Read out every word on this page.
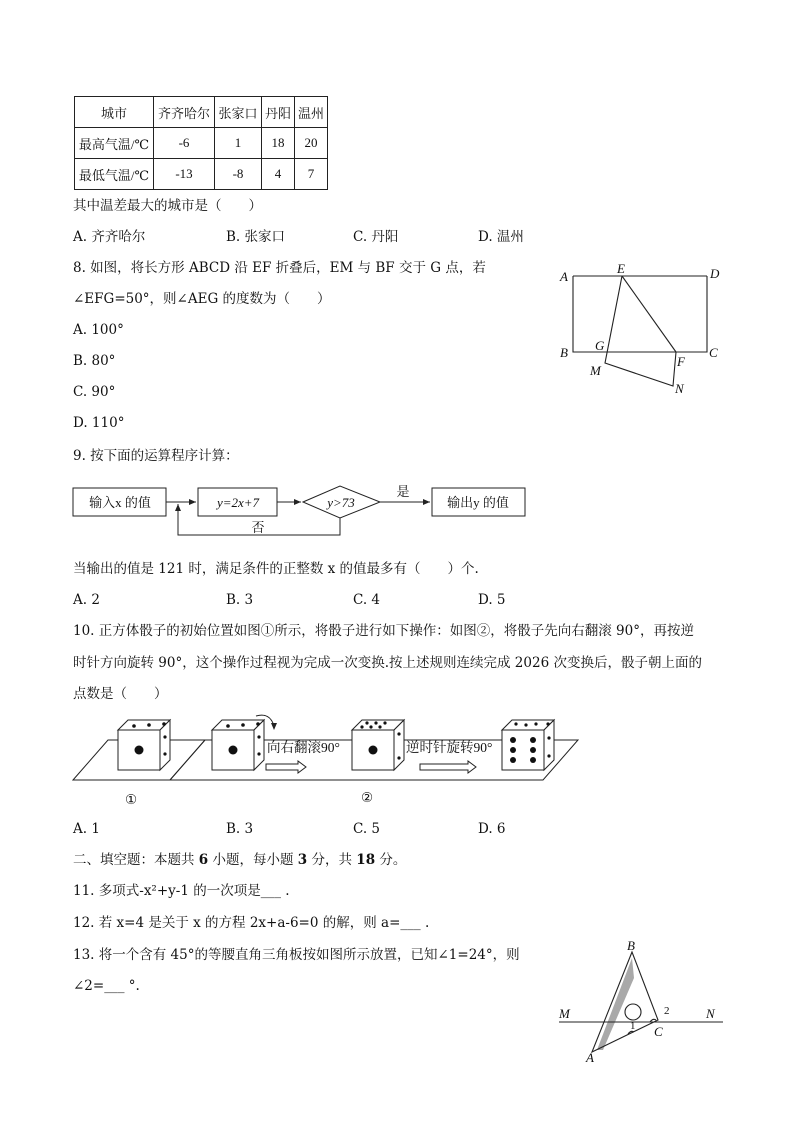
城市	齐齐哈尔	张家口	丹阳	温州
最高气温/℃	-6	1	18	20
最低气温/℃	-13	-8	4	7
其中温差最大的城市是（　　）
A. 齐齐哈尔	B. 张家口	C. 丹阳	D. 温州
8. 如图，将长方形 ABCD 沿 EF 折叠后，EM 与 BF 交于 G 点，若
∠EFG=50°，则∠AEG 的度数为（　　）
A. 100°
B. 80°
C. 90°
D. 110°
A
E	D
B G
F
C
M
N
9. 按下面的运算程序计算：
输入x 的值	y=2x+7	y>73
是
输出y 的值
否
当输出的值是 121 时，满足条件的正整数 x 的值最多有（　　）个.
A. 2	B. 3	C. 4	D. 5
10. 正方体骰子的初始位置如图①所示，将骰子进行如下操作：如图②，将骰子先向右翻滚 90°，再按逆
时针方向旋转 90°，这个操作过程视为完成一次变换.按上述规则连续完成 2026 次变换后，骰子朝上面的
点数是（　　）
向右翻滚90°	逆时针旋转90°
①	②
A. 1	B. 3	C. 5	D. 6
二、填空题：本题共 6 小题，每小题 3 分，共 18 分。
11. 多项式-x²+y-1 的一次项是___ .
12. 若 x=4 是关于 x 的方程 2x+a-6=0 的解，则 a=___ .
13. 将一个含有 45°的等腰直角三角板按如图所示放置，已知∠1=24°，则
∠2=___ °.
B
M	N
A
C
1
2
